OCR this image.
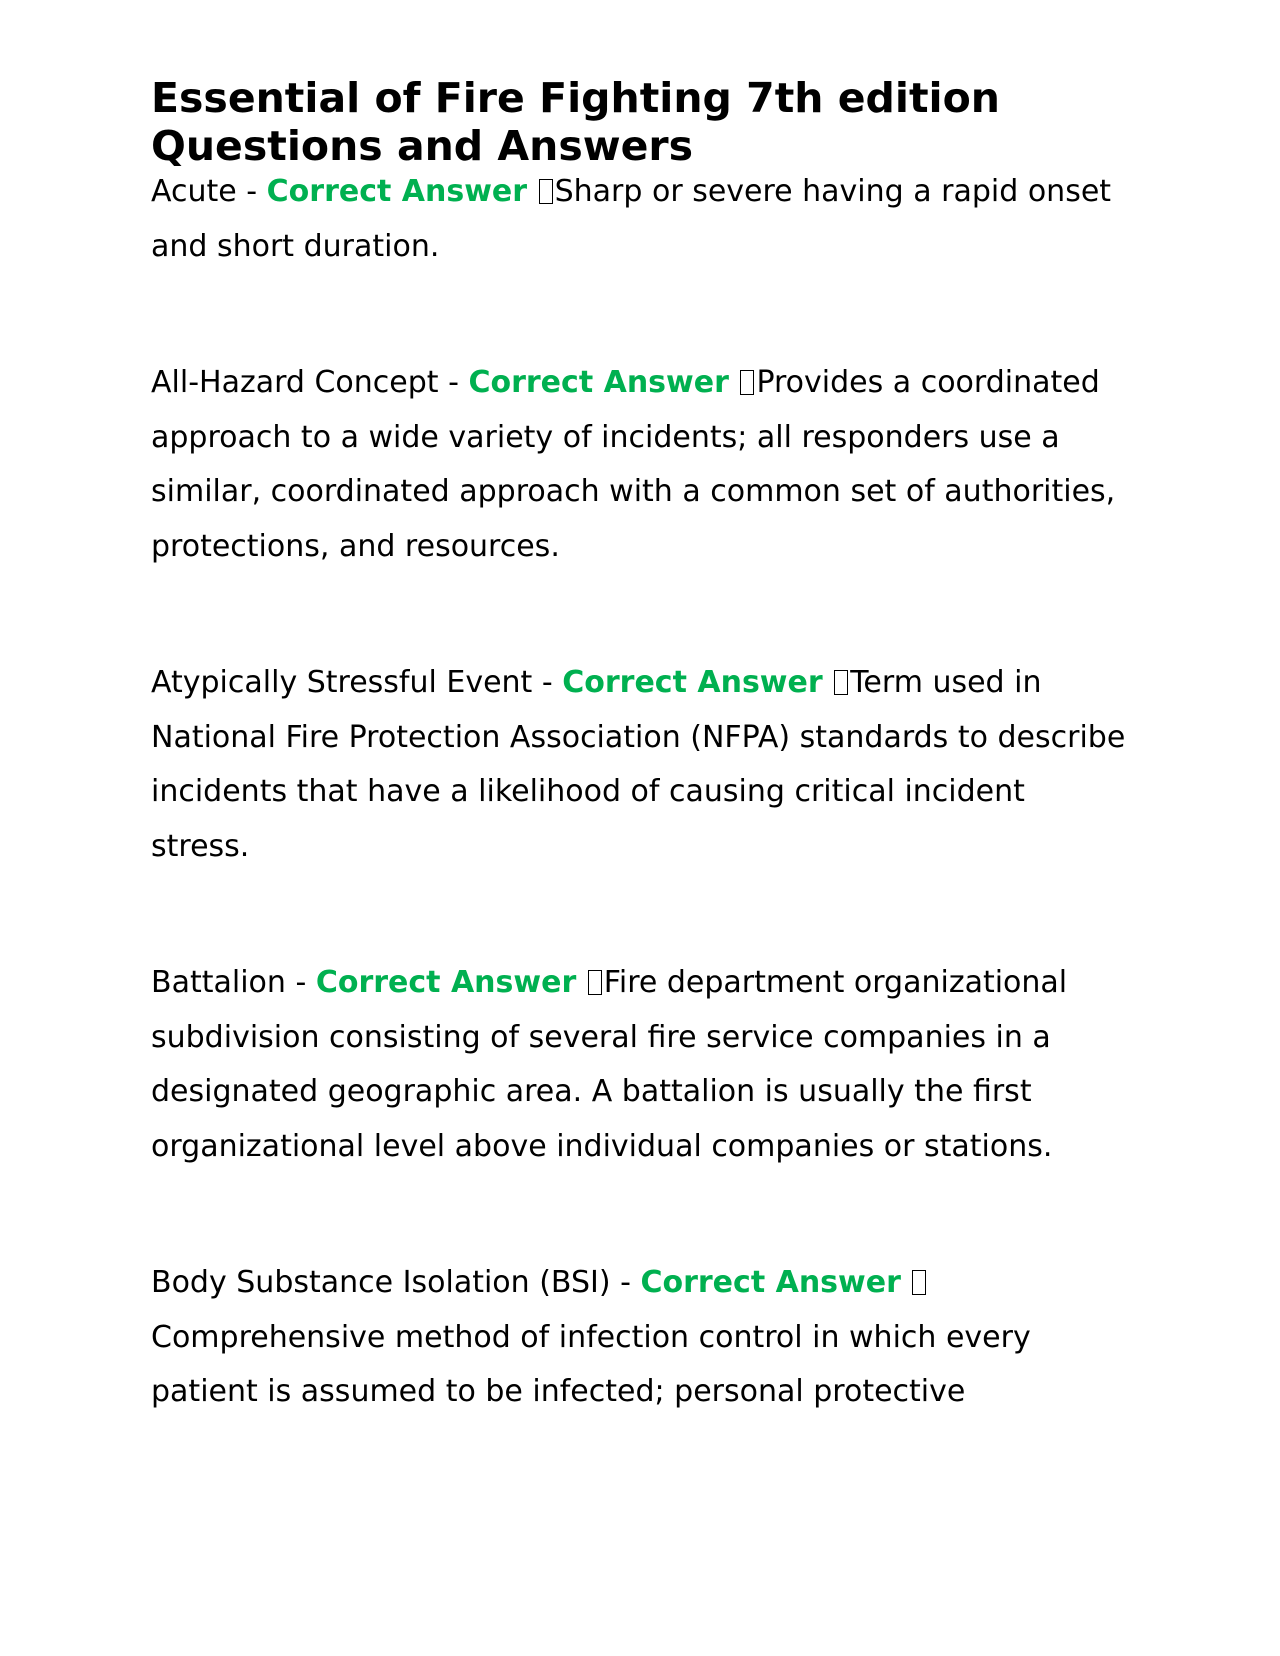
Essential of Fire Fighting 7th edition Questions and Answers

Acute - Correct Answer Sharp or severe having a rapid onset and short duration.

All-Hazard Concept - Correct Answer Provides a coordinated approach to a wide variety of incidents; all responders use a similar, coordinated approach with a common set of authorities, protections, and resources.

Atypically Stressful Event - Correct Answer Term used in National Fire Protection Association (NFPA) standards to describe incidents that have a likelihood of causing critical incident stress.

Battalion - Correct Answer Fire department organizational subdivision consisting of several fire service companies in a designated geographic area. A battalion is usually the first organizational level above individual companies or stations.

Body Substance Isolation (BSI) - Correct Answer Comprehensive method of infection control in which every patient is assumed to be infected; personal protective
